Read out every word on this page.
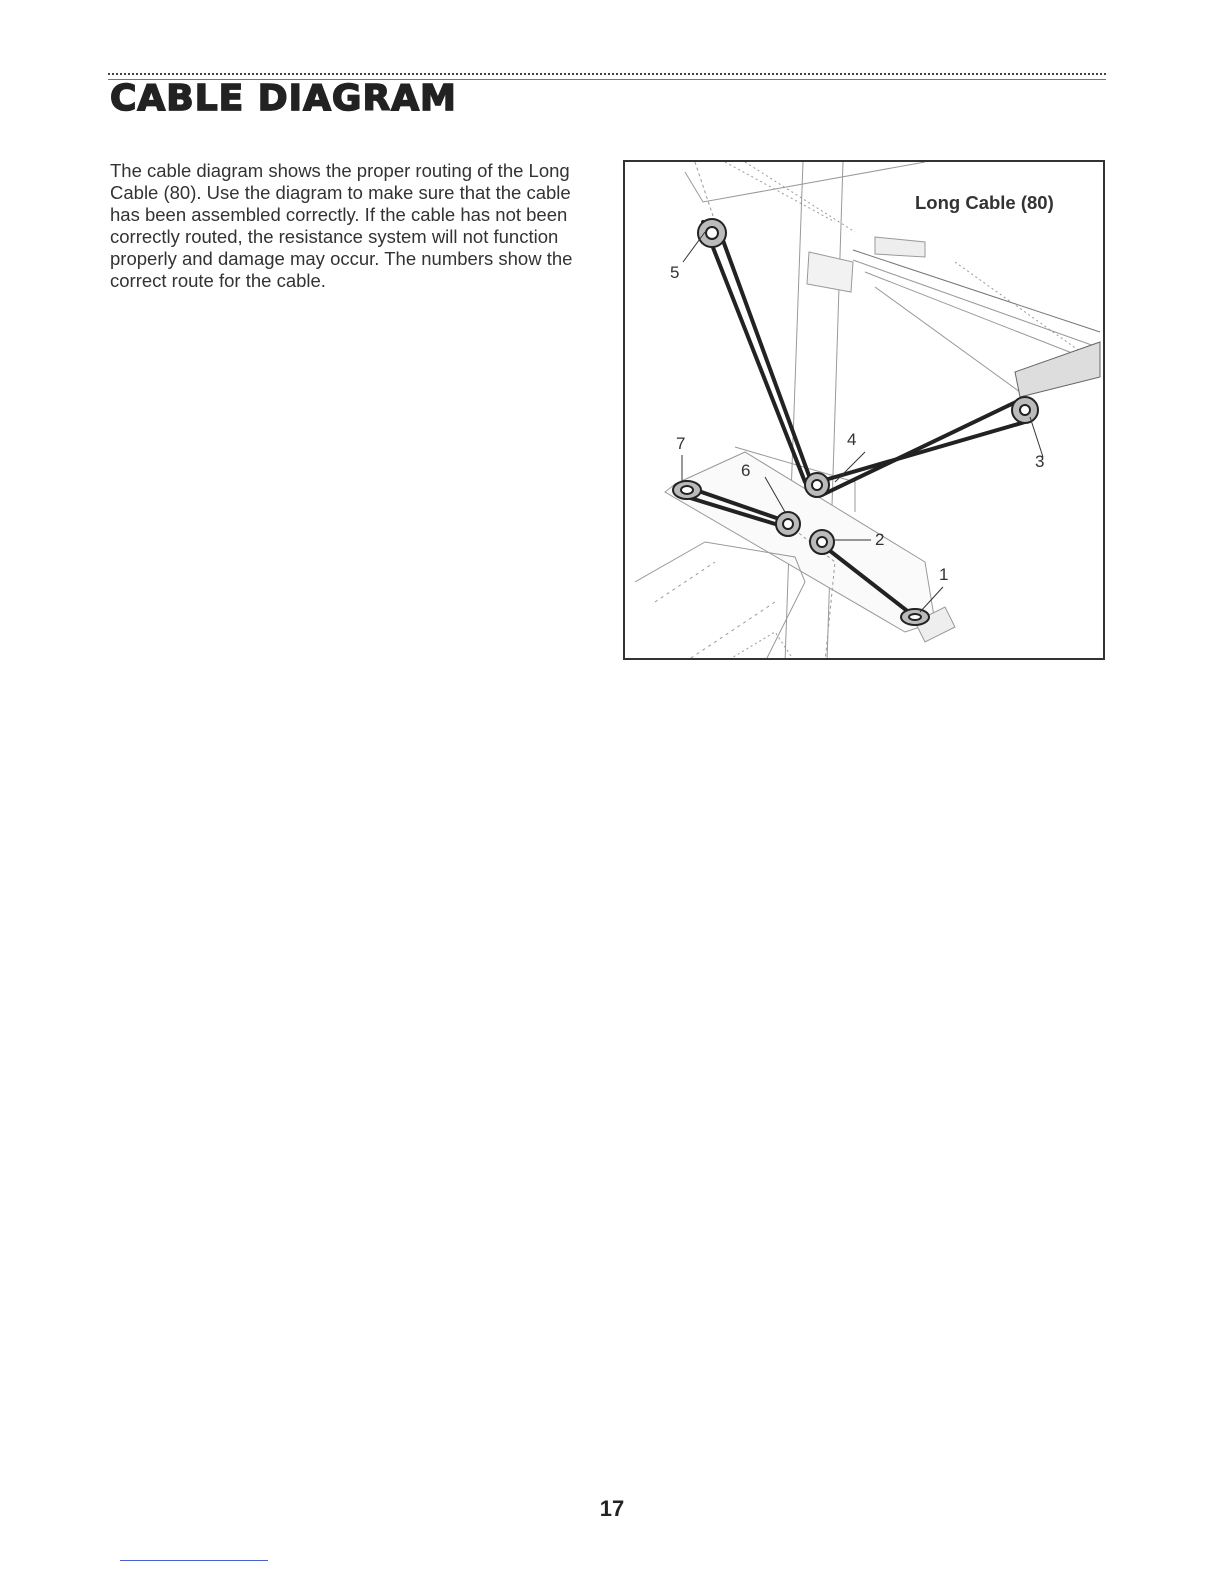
CABLE DIAGRAM

The cable diagram shows the proper routing of the Long Cable (80). Use the diagram to make sure that the cable has been assembled correctly. If the cable has not been correctly routed, the resistance system will not function properly and damage may occur. The numbers show the correct route for the cable.

Long Cable (80)
5
4
3
7
6
2
1
17
